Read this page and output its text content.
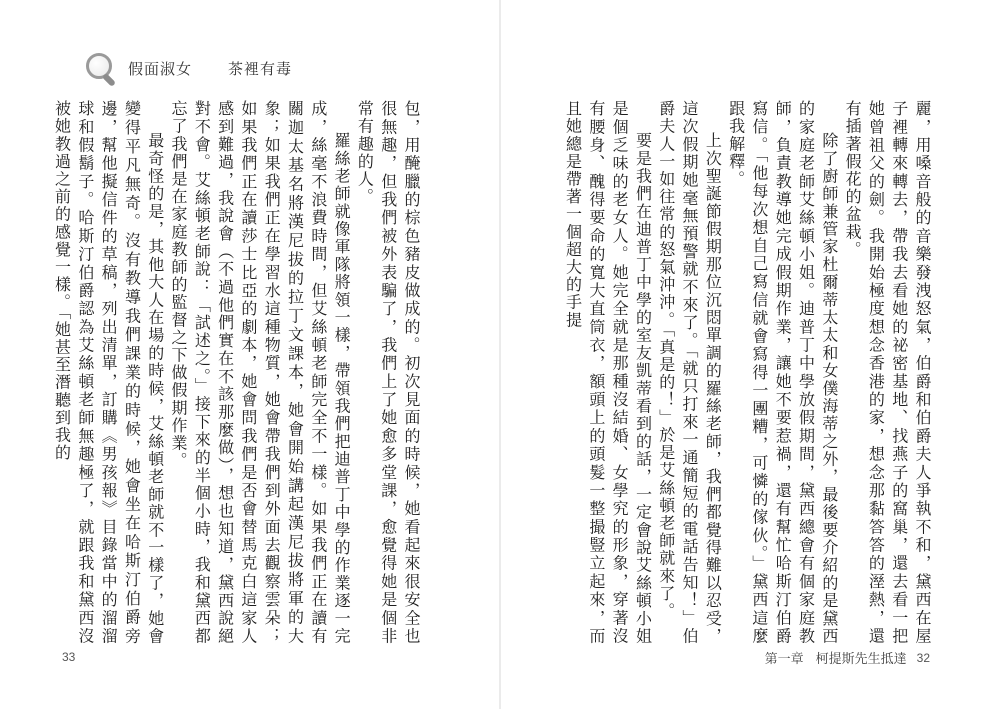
假面淑女 茶裡有毒

包，用醃臘的棕色豬皮做成的。初次見面的時候，她看起來很安全也很無趣，但我們被外表騙了，我們上了她愈多堂課，愈覺得她是個非常有趣的人。

羅絲老師就像軍隊將領一樣，帶領我們把迪普丁中學的作業逐一完成，絲毫不浪費時間，但艾絲頓老師完全不一樣。如果我們正在讀有關迦太基名將漢尼拔的拉丁文課本，她會開始講起漢尼拔將軍的大象；如果我們正在學習水這種物質，她會帶我們到外面去觀察雲朵；如果我們正在讀莎士比亞的劇本，她會問我們是否會替馬克白這家人感到難過，我說會（不過他們實在不該那麼做），想也知道，黛西說絕對不會。艾絲頓老師說：「試述之。」接下來的半個小時，我和黛西都忘了我們是在家庭教師的監督之下做假期作業。

最奇怪的是，其他大人在場的時候，艾絲頓老師就不一樣了，她會變得平凡無奇。沒有教導我們課業的時候，她會坐在哈斯汀伯爵旁邊，幫他擬信件的草稿，列出清單，訂購《男孩報》目錄當中的溜溜球和假鬍子。哈斯汀伯爵認為艾絲頓老師無趣極了，就跟我和黛西沒被她教過之前的感覺一樣。「她甚至潛聽到我的	麗，用嗓音般的音樂發洩怒氣，伯爵和伯爵夫人爭執不和，黛西在屋子裡轉來轉去，帶我去看她的祕密基地、找燕子的窩巢，還去看一把她曾祖父的劍。我開始極度想念香港的家，想念那黏答答的溼熱，還有插著假花的盆栽。

除了廚師兼管家杜爾蒂太太和女僕海蒂之外，最後要介紹的是黛西的家庭老師艾絲頓小姐。迪普丁中學放假期間，黛西總會有個家庭教師，負責教導她完成假期作業，讓她不要惹禍，還有幫忙哈斯汀伯爵寫信。「他每次想自己寫信就會寫得一團糟，可憐的傢伙。」黛西這麼跟我解釋。

上次聖誕節假期那位沉悶單調的羅絲老師，我們都覺得難以忍受，這次假期她毫無預警就不來了。「就只打來一通簡短的電話告知！」伯爵夫人一如往常的怒氣沖沖。「真是的！」於是艾絲頓老師就來了。

要是我們在迪普丁中學的室友凱蒂看到的話，一定會說艾絲頓小姐是個乏味的老女人。她完全就是那種沒結婚、女學究的形象，穿著沒有腰身、醜得要命的寬大直筒衣，額頭上的頭髮一整撮豎立起來，而且她總是帶著一個超大的手提

33	第一章 柯提斯先生抵達 32
